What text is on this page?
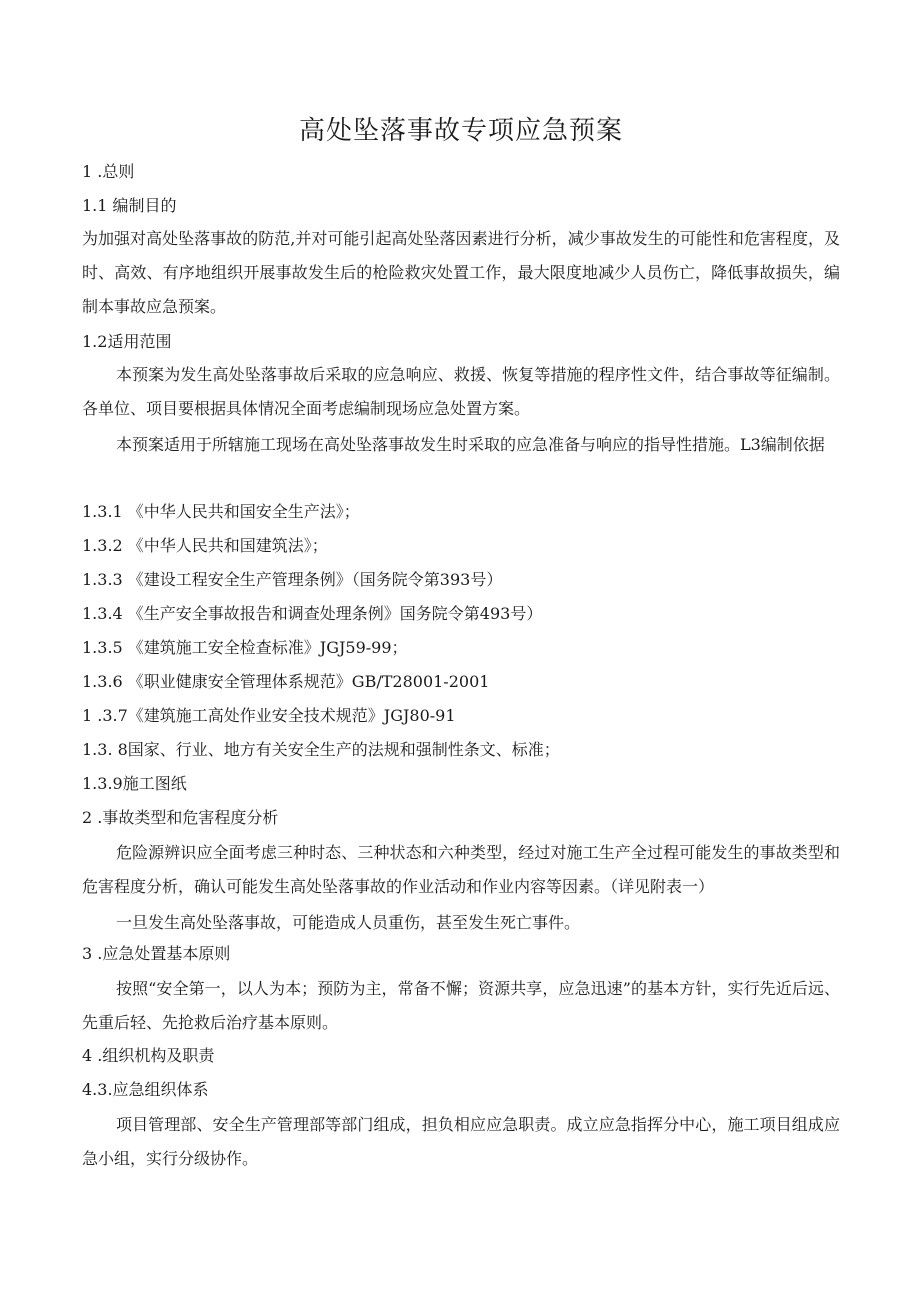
高处坠落事故专项应急预案
1 .总则
1.1 编制目的

为加强对高处坠落事故的防范,并对可能引起高处坠落因素进行分析，减少事故发生的可能性和危害程度，及时、高效、有序地组织开展事故发生后的枪险救灾处置工作，最大限度地减少人员伤亡，降低事故损失，编制本事故应急预案。

1.2适用范围

本预案为发生高处坠落事故后采取的应急响应、救援、恢复等措施的程序性文件，结合事故等征编制。各单位、项目要根据具体情况全面考虑编制现场应急处置方案。

本预案适用于所辖施工现场在高处坠落事故发生时采取的应急准备与响应的指导性措施。L3编制依据

1.3.1 《中华人民共和国安全生产法》；
1.3.2 《中华人民共和国建筑法》；
1.3.3 《建设工程安全生产管理条例》（国务院令第393号）
1.3.4 《生产安全事故报告和调查处理条例》国务院令第493号）
1.3.5 《建筑施工安全检查标准》JGJ59-99；
1.3.6 《职业健康安全管理体系规范》GB/T28001-2001
1 .3.7《建筑施工高处作业安全技术规范》JGJ80-91
1.3. 8国家、行业、地方有关安全生产的法规和强制性条文、标准；
1.3.9施工图纸
2 .事故类型和危害程度分析

危险源辨识应全面考虑三种时态、三种状态和六种类型，经过对施工生产全过程可能发生的事故类型和危害程度分析，确认可能发生高处坠落事故的作业活动和作业内容等因素。（详见附表一）

一旦发生高处坠落事故，可能造成人员重伤，甚至发生死亡事件。

3 .应急处置基本原则

按照“安全第一，以人为本；预防为主，常备不懈；资源共享，应急迅速”的基本方针，实行先近后远、先重后轻、先抢救后治疗基本原则。

4 .组织机构及职责
4.3.应急组织体系

项目管理部、安全生产管理部等部门组成，担负相应应急职责。成立应急指挥分中心，施工项目组成应急小组，实行分级协作。
